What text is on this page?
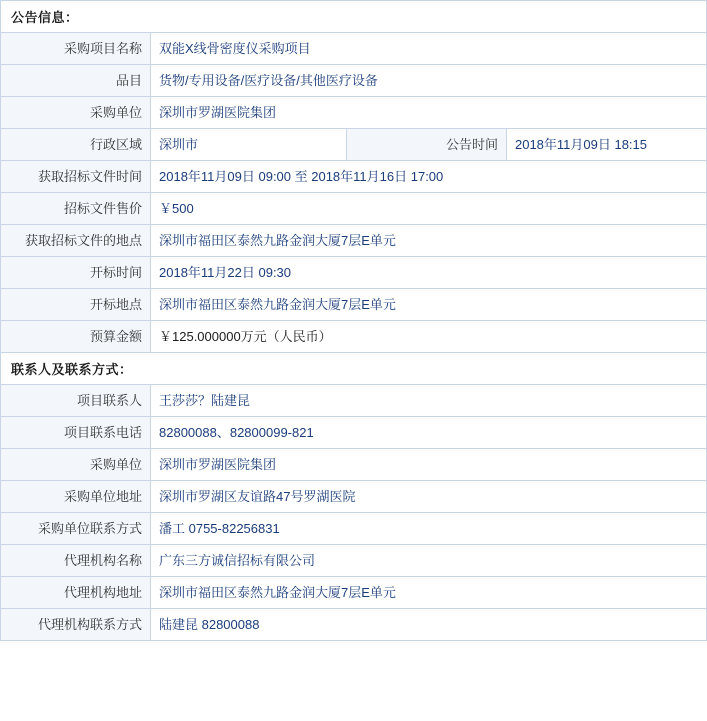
公告信息：			

采购项目名称	双能X线骨密度仪采购项目		

品目	货物/专用设备/医疗设备/其他医疗设备		

采购单位	深圳市罗湖医院集团		

行政区域	深圳市	公告时间	2018年11月09日 18:15

获取招标文件时间	2018年11月09日 09:00 至 2018年11月16日 17:00		

招标文件售价	￥500		

获取招标文件的地点	深圳市福田区泰然九路金润大厦7层E单元		

开标时间	2018年11月22日 09:30		

开标地点	深圳市福田区泰然九路金润大厦7层E单元		

预算金额	￥125.000000万元（人民币）		

联系人及联系方式：			

项目联系人	王莎莎？陆建昆		

项目联系电话	82800088、82800099-821		

采购单位	深圳市罗湖医院集团		

采购单位地址	深圳市罗湖区友谊路47号罗湖医院		

采购单位联系方式	潘工 0755-82256831		

代理机构名称	广东三方诚信招标有限公司		

代理机构地址	深圳市福田区泰然九路金润大厦7层E单元		

代理机构联系方式	陆建昆 82800088		
